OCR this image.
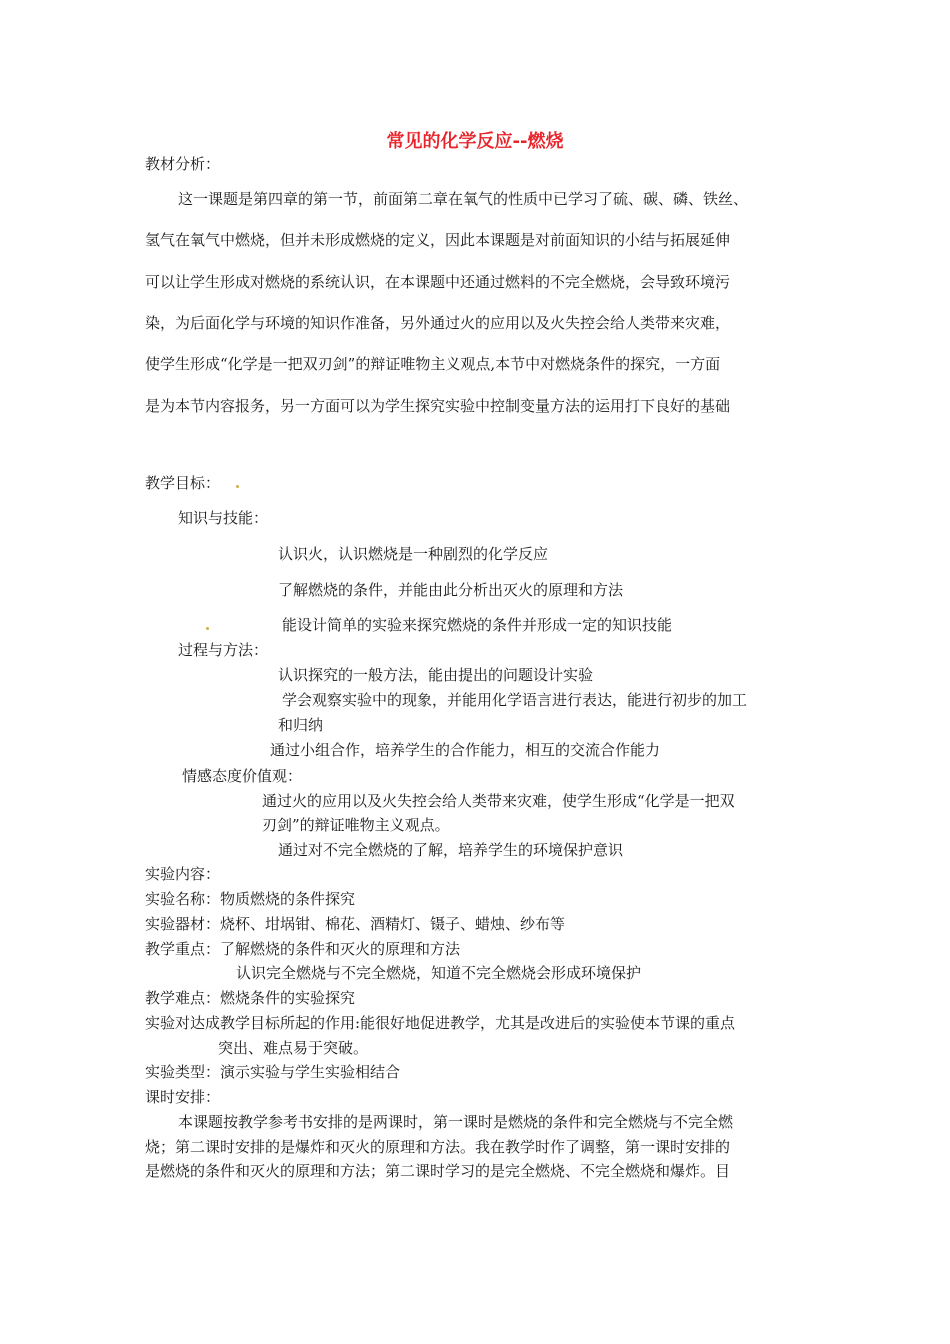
常见的化学反应--燃烧
教材分析：
这一课题是第四章的第一节，前面第二章在氧气的性质中已学习了硫、碳、磷、铁丝、
氢气在氧气中燃烧，但并未形成燃烧的定义，因此本课题是对前面知识的小结与拓展延伸
可以让学生形成对燃烧的系统认识，在本课题中还通过燃料的不完全燃烧，会导致环境污
染，为后面化学与环境的知识作准备，另外通过火的应用以及火失控会给人类带来灾难，
使学生形成“化学是一把双刃剑”的辩证唯物主义观点,本节中对燃烧条件的探究，一方面
是为本节内容报务，另一方面可以为学生探究实验中控制变量方法的运用打下良好的基础
教学目标：
知识与技能：
认识火，认识燃烧是一种剧烈的化学反应
了解燃烧的条件，并能由此分析出灭火的原理和方法
能设计简单的实验来探究燃烧的条件并形成一定的知识技能
过程与方法：
认识探究的一般方法，能由提出的问题设计实验
学会观察实验中的现象，并能用化学语言进行表达，能进行初步的加工
和归纳
通过小组合作，培养学生的合作能力，相互的交流合作能力
情感态度价值观：
通过火的应用以及火失控会给人类带来灾难，使学生形成“化学是一把双
刃剑”的辩证唯物主义观点。
通过对不完全燃烧的了解，培养学生的环境保护意识
实验内容：
实验名称：物质燃烧的条件探究
实验器材：烧杯、坩埚钳、棉花、酒精灯、镊子、蜡烛、纱布等
教学重点：了解燃烧的条件和灭火的原理和方法
认识完全燃烧与不完全燃烧，知道不完全燃烧会形成环境保护
教学难点：燃烧条件的实验探究
实验对达成教学目标所起的作用:能很好地促进教学，尤其是改进后的实验使本节课的重点
突出、难点易于突破。
实验类型：演示实验与学生实验相结合
课时安排：
本课题按教学参考书安排的是两课时，第一课时是燃烧的条件和完全燃烧与不完全燃
烧；第二课时安排的是爆炸和灭火的原理和方法。我在教学时作了调整，第一课时安排的
是燃烧的条件和灭火的原理和方法；第二课时学习的是完全燃烧、不完全燃烧和爆炸。目
